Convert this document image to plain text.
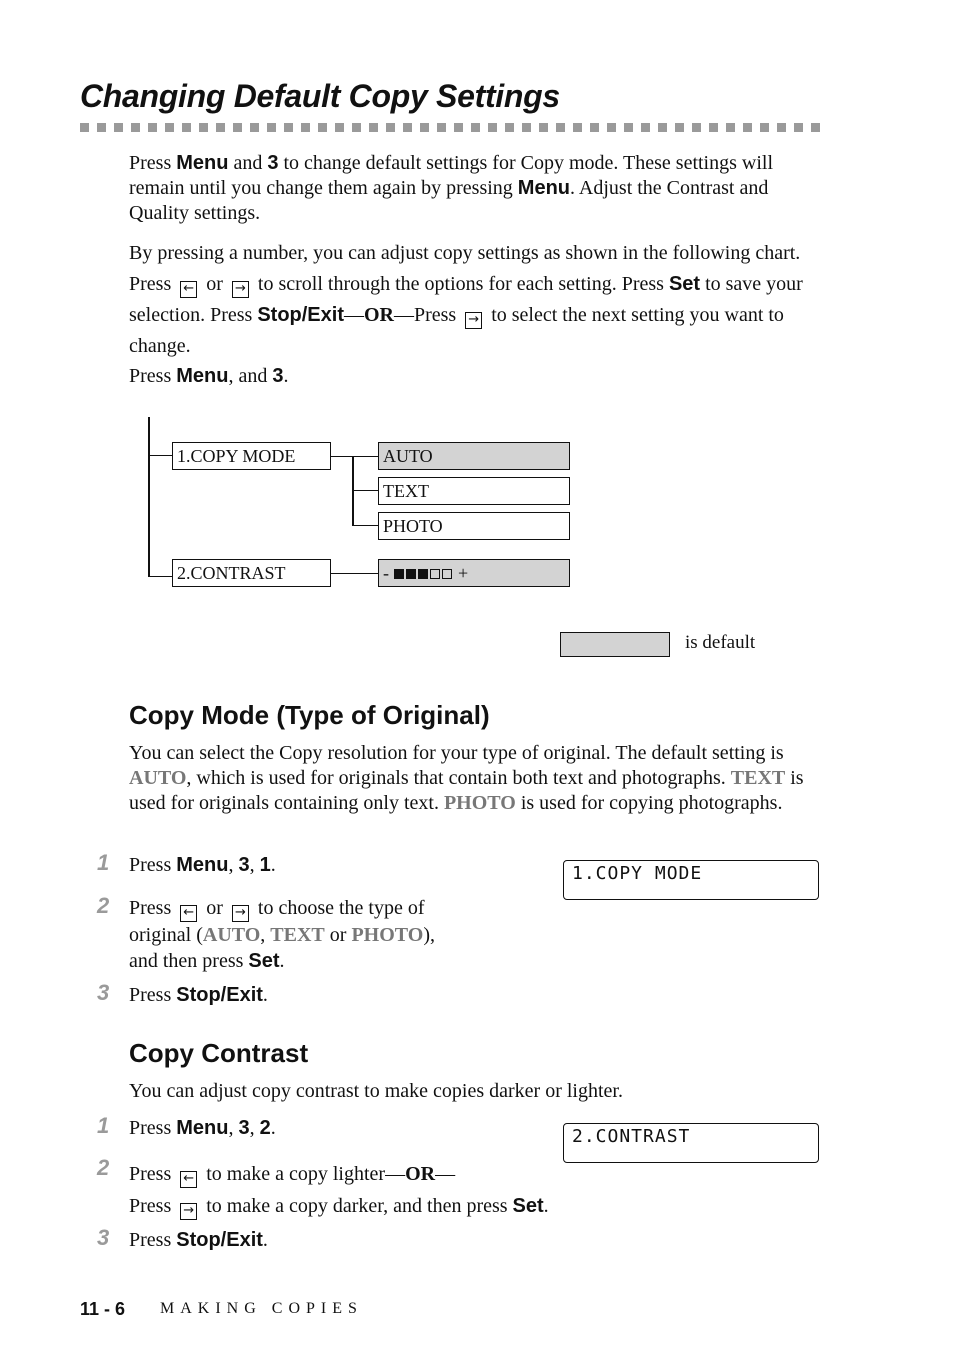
Changing Default Copy Settings

Press Menu and 3 to change default settings for Copy mode. These settings will remain until you change them again by pressing Menu. Adjust the Contrast and Quality settings.

By pressing a number, you can adjust copy settings as shown in the following chart. Press ← or → to scroll through the options for each setting. Press Set to save your selection. Press Stop/Exit—OR—Press → to select the next setting you want to change.

Press Menu, and 3.

1.COPY MODE
2.CONTRAST
AUTO
TEXT
PHOTO
-	+
is default
Copy Mode (Type of Original)

You can select the Copy resolution for your type of original. The default setting is AUTO, which is used for originals that contain both text and photographs. TEXT is used for originals containing only text. PHOTO is used for copying photographs.

1 Press Menu, 3, 1.	1.COPY MODE
2 Press ← or → to choose the type of
original (AUTO, TEXT or PHOTO),
and then press Set.
3 Press Stop/Exit.
Copy Contrast

You can adjust copy contrast to make copies darker or lighter.

1 Press Menu, 3, 2.	2.CONTRAST
2 Press ← to make a copy lighter—OR—
Press → to make a copy darker, and then press Set.
3 Press Stop/Exit.
11 - 6 MAKING COPIES
